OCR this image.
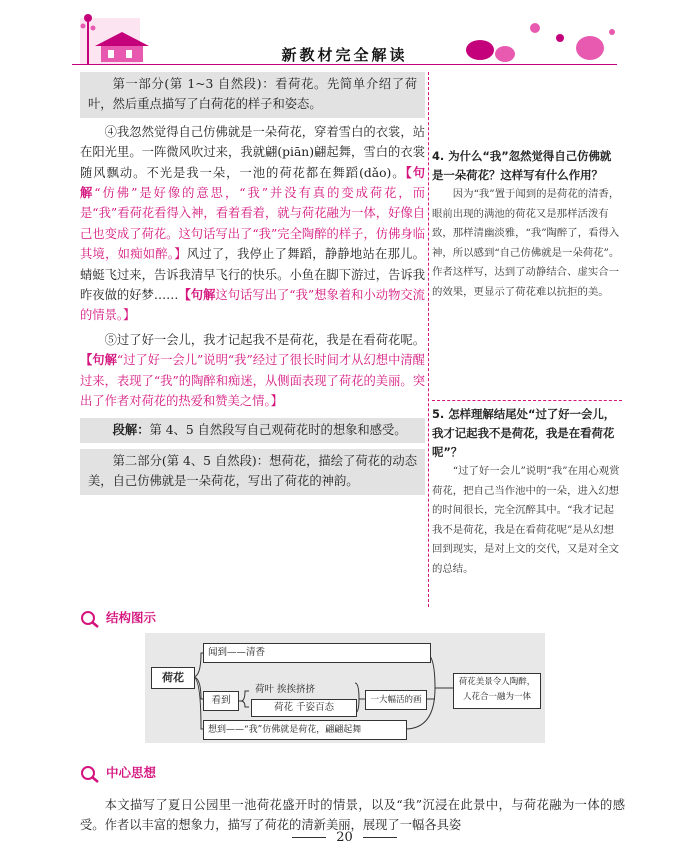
新教材完全解读

第一部分(第 1~3 自然段)：看荷花。先简单介绍了荷叶，然后重点描写了白荷花的样子和姿态。

④我忽然觉得自己仿佛就是一朵荷花，穿着雪白的衣裳，站在阳光里。一阵微风吹过来，我就翩(piān)翩起舞，雪白的衣裳随风飘动。不光是我一朵，一池的荷花都在舞蹈(dǎo)。【句解“仿佛”是好像的意思，“我”并没有真的变成荷花，而是“我”看荷花看得入神，看着看着，就与荷花融为一体，好像自己也变成了荷花。这句话写出了“我”完全陶醉的样子，仿佛身临其境，如痴如醉。】风过了，我停止了舞蹈，静静地站在那儿。蜻蜓飞过来，告诉我清早飞行的快乐。小鱼在脚下游过，告诉我昨夜做的好梦……【句解这句话写出了“我”想象着和小动物交流的情景。】

⑤过了好一会儿，我才记起我不是荷花，我是在看荷花呢。【句解“过了好一会儿”说明“我”经过了很长时间才从幻想中清醒过来，表现了“我”的陶醉和痴迷，从侧面表现了荷花的美丽。突出了作者对荷花的热爱和赞美之情。】

段解：第 4、5 自然段写自己观荷花时的想象和感受。

第二部分(第 4、5 自然段)：想荷花，描绘了荷花的动态美，自己仿佛就是一朵荷花，写出了荷花的神韵。

4. 为什么“我”忽然觉得自己仿佛就是一朵荷花？这样写有什么作用？
因为“我”置于闻到的是荷花的清香，眼前出现的满池的荷花又是那样活泼有致，那样清幽淡雅，“我”陶醉了，看得入神，所以感到“自己仿佛就是一朵荷花”。作者这样写，达到了动静结合、虚实合一的效果，更显示了荷花难以抗拒的美。
5. 怎样理解结尾处“过了好一会儿，我才记起我不是荷花，我是在看荷花呢”？
“过了好一会儿”说明“我”在用心观赏荷花，把自己当作池中的一朵，进入幻想的时间很长，完全沉醉其中。“我才记起我不是荷花，我是在看荷花呢”是从幻想回到现实，是对上文的交代，又是对全文的总结。
结构图示
荷花
闻到——清香
看到
荷叶 挨挨挤挤
荷花 千姿百态
一大幅活的画
想到——“我”仿佛就是荷花，翩翩起舞
荷花美景令人陶醉，人花合一融为一体
中心思想

本文描写了夏日公园里一池荷花盛开时的情景，以及“我”沉浸在此景中，与荷花融为一体的感受。作者以丰富的想象力，描写了荷花的清新美丽，展现了一幅各具姿

20
